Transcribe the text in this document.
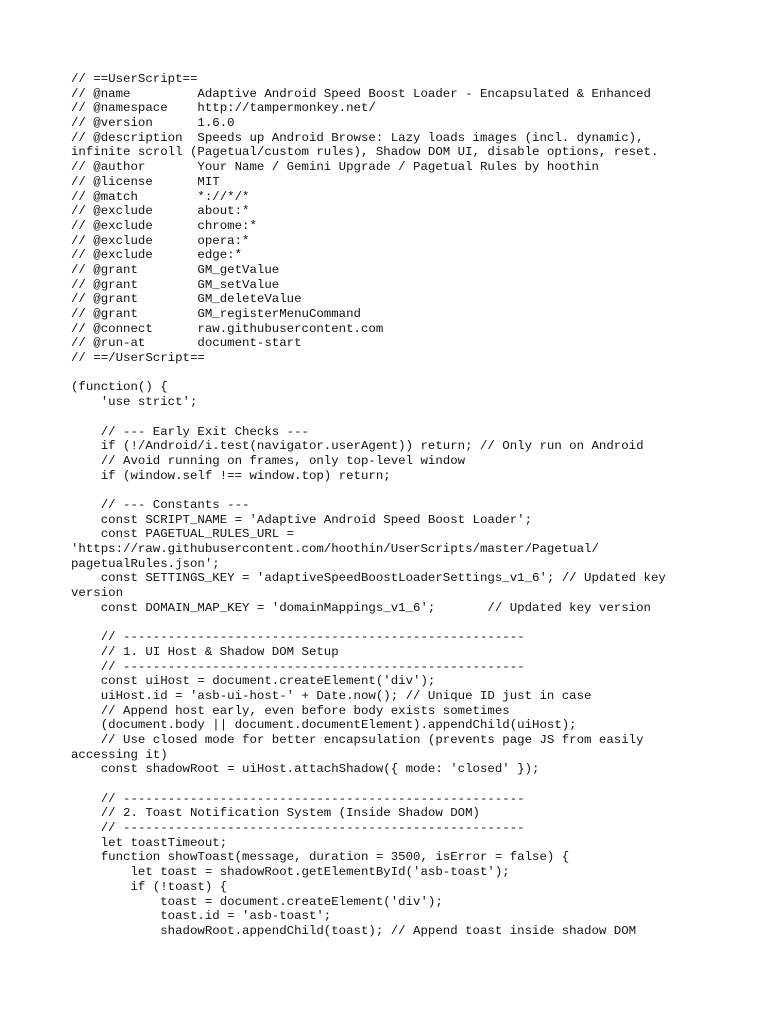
// ==UserScript==
// @name         Adaptive Android Speed Boost Loader - Encapsulated & Enhanced
// @namespace    http://tampermonkey.net/
// @version      1.6.0
// @description  Speeds up Android Browse: Lazy loads images (incl. dynamic),
infinite scroll (Pagetual/custom rules), Shadow DOM UI, disable options, reset.
// @author       Your Name / Gemini Upgrade / Pagetual Rules by hoothin
// @license      MIT
// @match        *://*/*
// @exclude      about:*
// @exclude      chrome:*
// @exclude      opera:*
// @exclude      edge:*
// @grant        GM_getValue
// @grant        GM_setValue
// @grant        GM_deleteValue
// @grant        GM_registerMenuCommand
// @connect      raw.githubusercontent.com
// @run-at       document-start
// ==/UserScript==
(function() {
'use strict';
// --- Early Exit Checks ---
if (!/Android/i.test(navigator.userAgent)) return; // Only run on Android
// Avoid running on frames, only top-level window
if (window.self !== window.top) return;
// --- Constants ---
const SCRIPT_NAME = 'Adaptive Android Speed Boost Loader';
const PAGETUAL_RULES_URL =
'https://raw.githubusercontent.com/hoothin/UserScripts/master/Pagetual/
pagetualRules.json';
const SETTINGS_KEY = 'adaptiveSpeedBoostLoaderSettings_v1_6'; // Updated key
version
const DOMAIN_MAP_KEY = 'domainMappings_v1_6';       // Updated key version
// ------------------------------------------------------
// 1. UI Host & Shadow DOM Setup
// ------------------------------------------------------
const uiHost = document.createElement('div');
uiHost.id = 'asb-ui-host-' + Date.now(); // Unique ID just in case
// Append host early, even before body exists sometimes
(document.body || document.documentElement).appendChild(uiHost);
// Use closed mode for better encapsulation (prevents page JS from easily
accessing it)
const shadowRoot = uiHost.attachShadow({ mode: 'closed' });
// ------------------------------------------------------
// 2. Toast Notification System (Inside Shadow DOM)
// ------------------------------------------------------
let toastTimeout;
function showToast(message, duration = 3500, isError = false) {
let toast = shadowRoot.getElementById('asb-toast');
if (!toast) {
toast = document.createElement('div');
toast.id = 'asb-toast';
shadowRoot.appendChild(toast); // Append toast inside shadow DOM
